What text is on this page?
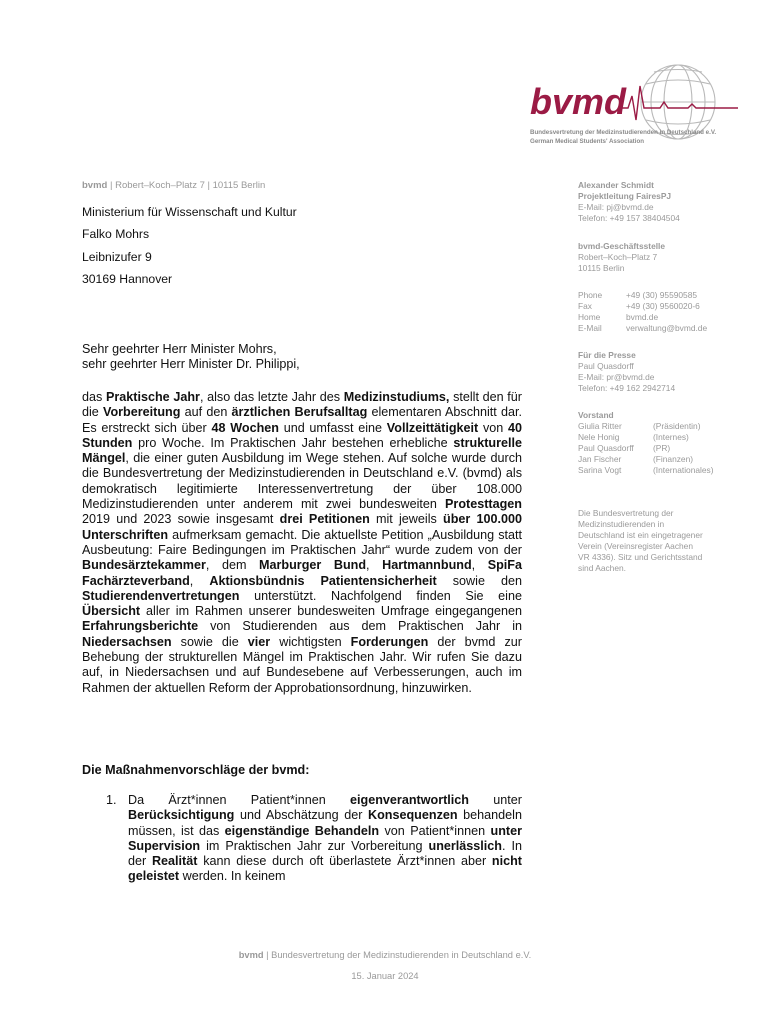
bvmd
Bundesvertretung der Medizinstudierenden in Deutschland e.V.
German Medical Students' Association
bvmd | Robert–Koch–Platz 7 | 10115 Berlin
Ministerium für Wissenschaft und Kultur
Falko Mohrs
Leibnizufer 9
30169 Hannover
Alexander Schmidt
Projektleitung FairesPJ
E-Mail: pj@bvmd.de
Telefon: +49 157 38404504
bvmd-Geschäftsstelle
Robert–Koch–Platz 7
10115 Berlin
Phone	+49 (30) 95590585
Fax	+49 (30) 9560020-6
Home	bvmd.de
E-Mail	verwaltung@bvmd.de
Für die Presse
Paul Quasdorff
E-Mail: pr@bvmd.de
Telefon: +49 162 2942714
Vorstand
Giulia Ritter	(Präsidentin)
Nele Honig	(Internes)
Paul Quasdorff	(PR)
Jan Fischer	(Finanzen)
Sarina Vogt	(Internationales)
Die Bundesvertretung der
Medizinstudierenden in
Deutschland ist ein eingetragener
Verein (Vereinsregister Aachen
VR 4336). Sitz und Gerichtsstand
sind Aachen.
Sehr geehrter Herr Minister Mohrs,
sehr geehrter Herr Minister Dr. Philippi,

das Praktische Jahr, also das letzte Jahr des Medizinstudiums, stellt den für die Vorbereitung auf den ärztlichen Berufsalltag elementaren Abschnitt dar. Es erstreckt sich über 48 Wochen und umfasst eine Vollzeittätigkeit von 40 Stunden pro Woche. Im Praktischen Jahr bestehen erhebliche strukturelle Mängel, die einer guten Ausbildung im Wege stehen. Auf solche wurde durch die Bundesvertretung der Medizinstudierenden in Deutschland e.V. (bvmd) als demokratisch legitimierte Interessenvertretung der über 108.000 Medizinstudierenden unter anderem mit zwei bundesweiten Protesttagen 2019 und 2023 sowie insgesamt drei Petitionen mit jeweils über 100.000 Unterschriften aufmerksam gemacht. Die aktuellste Petition „Ausbildung statt Ausbeutung: Faire Bedingungen im Praktischen Jahr“ wurde zudem von der Bundesärztekammer, dem Marburger Bund, Hartmannbund, SpiFa Fachärzteverband, Aktionsbündnis Patientensicherheit sowie den Studierendenvertretungen unterstützt. Nachfolgend finden Sie eine Übersicht aller im Rahmen unserer bundesweiten Umfrage eingegangenen Erfahrungsberichte von Studierenden aus dem Praktischen Jahr in Niedersachsen sowie die vier wichtigsten Forderungen der bvmd zur Behebung der strukturellen Mängel im Praktischen Jahr. Wir rufen Sie dazu auf, in Niedersachsen und auf Bundesebene auf Verbesserungen, auch im Rahmen der aktuellen Reform der Approbationsordnung, hinzuwirken.

Die Maßnahmenvorschläge der bvmd:
1. Da Ärzt*innen Patient*innen eigenverantwortlich unter Berücksichtigung und Abschätzung der Konsequenzen behandeln müssen, ist das eigenständige Behandeln von Patient*innen unter Supervision im Praktischen Jahr zur Vorbereitung unerlässlich. In der Realität kann diese durch oft überlastete Ärzt*innen aber nicht geleistet werden. In keinem
bvmd | Bundesvertretung der Medizinstudierenden in Deutschland e.V.
15. Januar 2024
